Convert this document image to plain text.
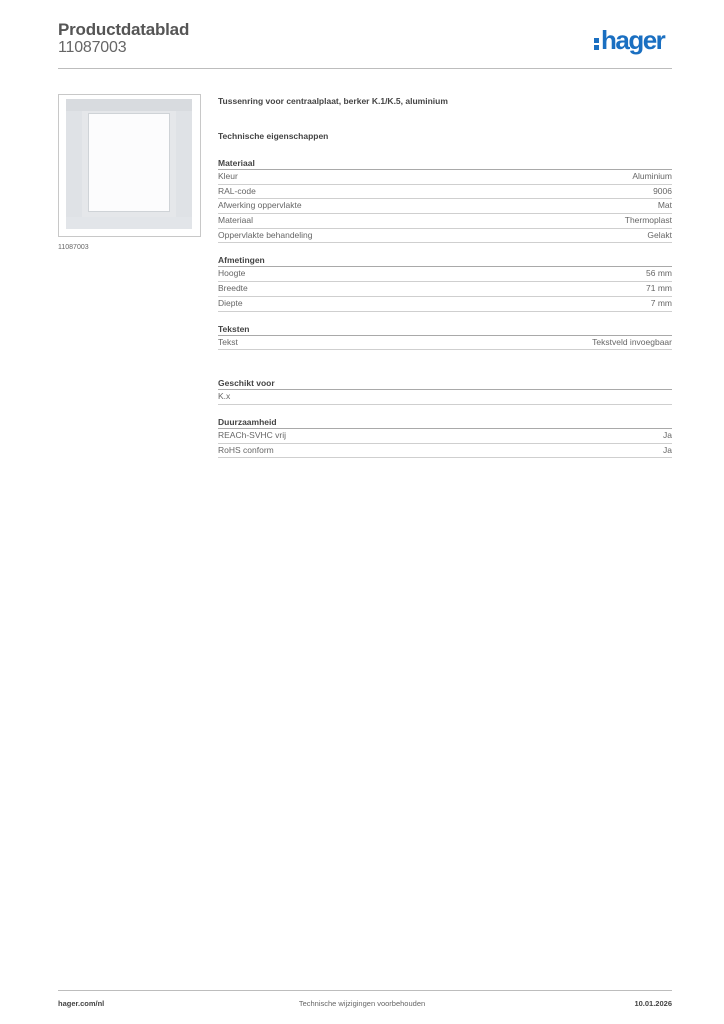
Productdatablad
11087003	hager
11087003
Tussenring voor centraalplaat, berker K.1/K.5, aluminium
Technische eigenschappen
Materiaal
Kleur	Aluminium
RAL-code	9006
Afwerking oppervlakte	Mat
Materiaal	Thermoplast
Oppervlakte behandeling	Gelakt
Afmetingen
Hoogte	56 mm
Breedte	71 mm
Diepte	7 mm
Teksten
Tekst	Tekstveld invoegbaar
Geschikt voor
K.x
Duurzaamheid
REACh-SVHC vrij	Ja
RoHS conform	Ja
hager.com/nl	Technische wijzigingen voorbehouden	10.01.2026
